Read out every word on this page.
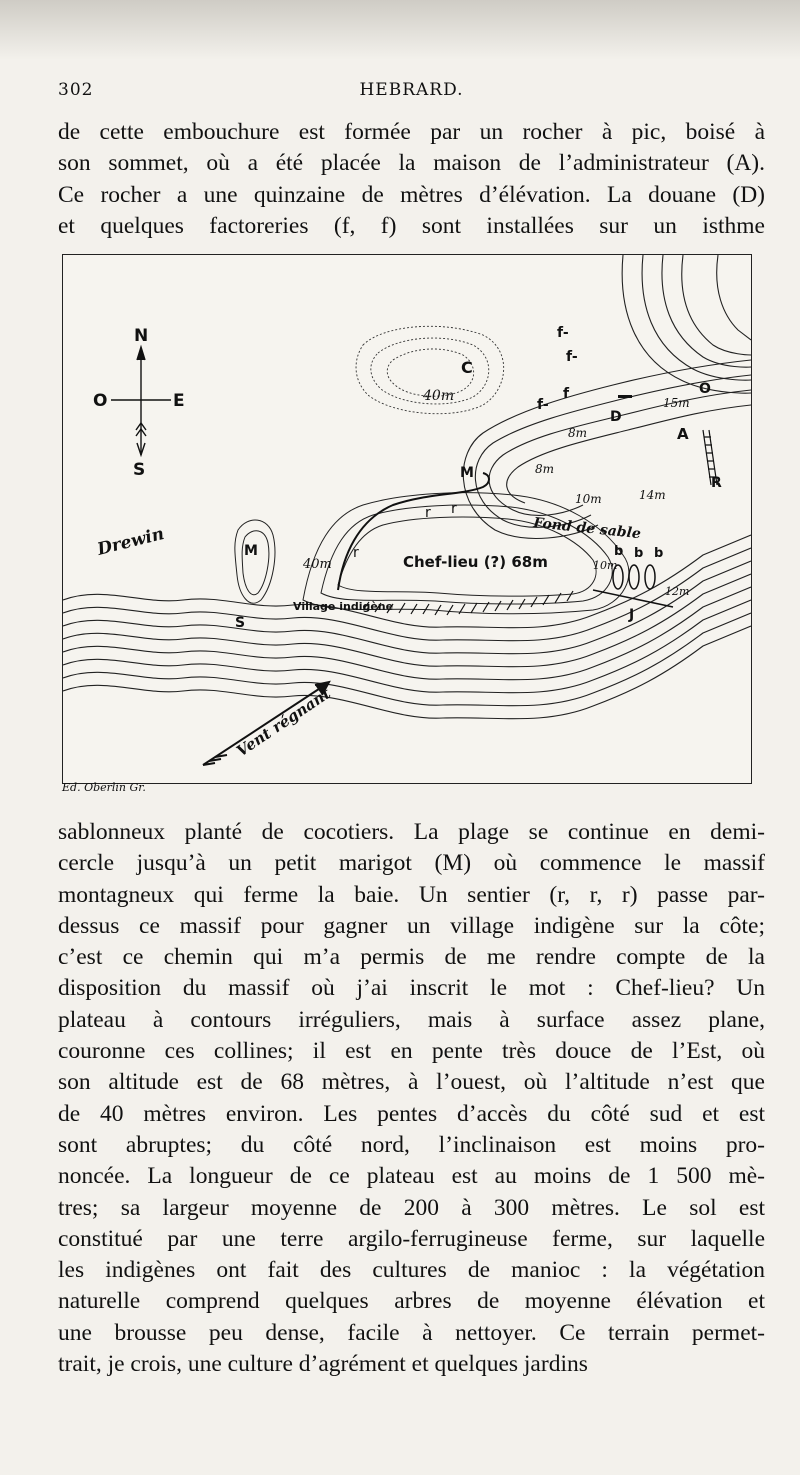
302	HEBRARD.

de cette embouchure est formée par un rocher à pic, boisé à
son sommet, où a été placée la maison de l’administrateur (A).
Ce rocher a une quinzaine de mètres d’élévation. La douane (D)
et quelques factoreries (f, f) sont installées sur un isthme

N
S
E
O
Drewin
C
40m
M
M
S
r r
r
40m	Chef-lieu (?) 68m
Village indigène
Fond de sable
D
A
O
R
J
f-
f-
f-
f
b b b
15m
8m
8m
10m
10m
14m
12m
Vent régnant
Ed. Oberlin Gr.

sablonneux planté de cocotiers. La plage se continue en demi-
cercle jusqu’à un petit marigot (M) où commence le massif
montagneux qui ferme la baie. Un sentier (r, r, r) passe par-
dessus ce massif pour gagner un village indigène sur la côte;
c’est ce chemin qui m’a permis de me rendre compte de la
disposition du massif où j’ai inscrit le mot : Chef-lieu? Un
plateau à contours irréguliers, mais à surface assez plane,
couronne ces collines; il est en pente très douce de l’Est, où
son altitude est de 68 mètres, à l’ouest, où l’altitude n’est que
de 40 mètres environ. Les pentes d’accès du côté sud et est
sont abruptes; du côté nord, l’inclinaison est moins pro-
noncée. La longueur de ce plateau est au moins de 1 500 mè-
tres; sa largeur moyenne de 200 à 300 mètres. Le sol est
constitué par une terre argilo-ferrugineuse ferme, sur laquelle
les indigènes ont fait des cultures de manioc : la végétation
naturelle comprend quelques arbres de moyenne élévation et
une brousse peu dense, facile à nettoyer. Ce terrain permet-
trait, je crois, une culture d’agrément et quelques jardins
